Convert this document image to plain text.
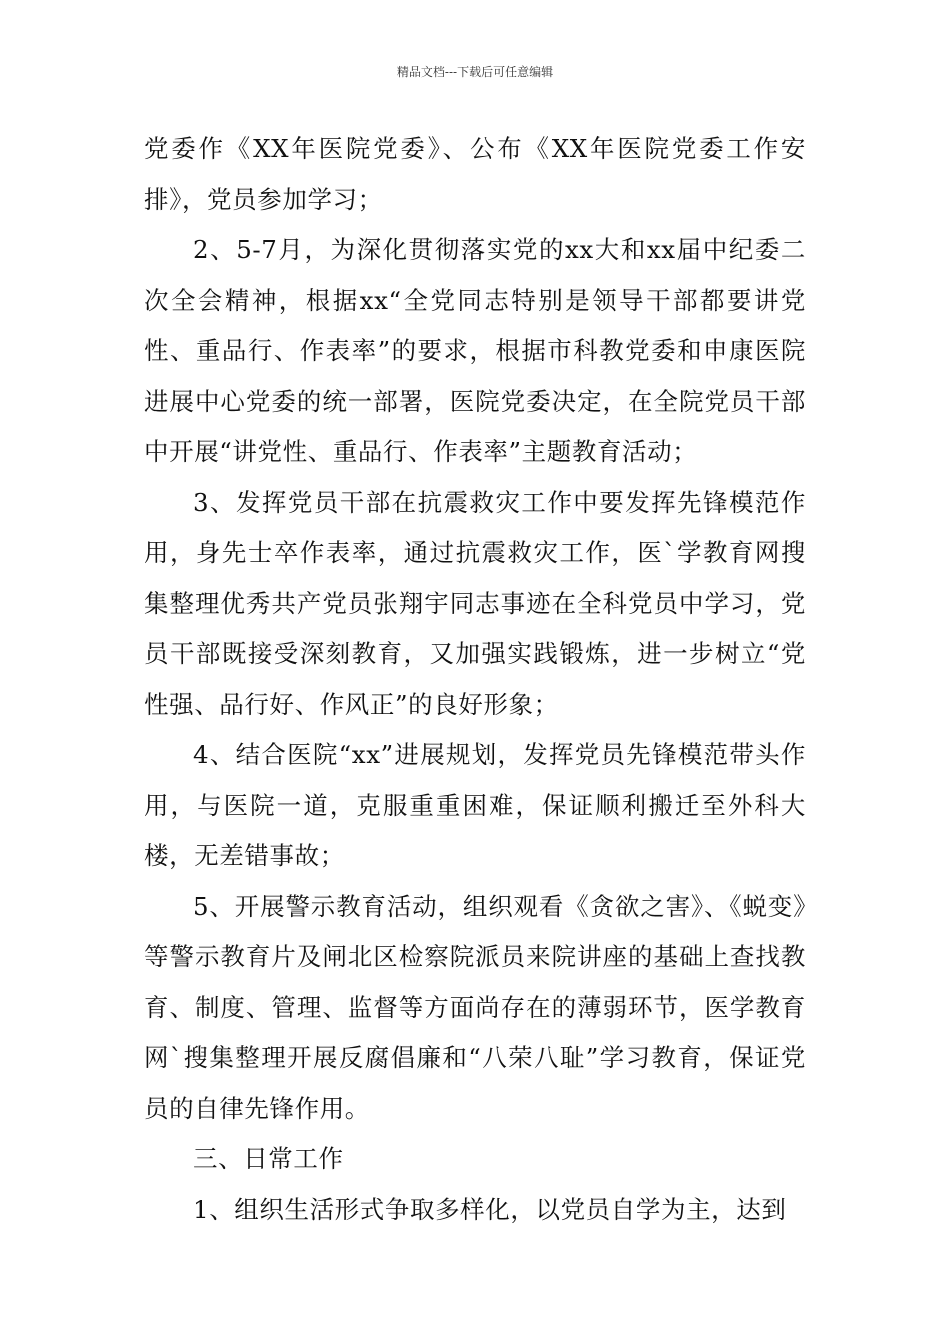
精品文档---下载后可任意编辑

党委作《XX年医院党委》、公布《XX年医院党委工作安排》，党员参加学习；

2、5-7月，为深化贯彻落实党的xx大和xx届中纪委二次全会精神，根据xx“全党同志特别是领导干部都要讲党性、重品行、作表率”的要求，根据市科教党委和申康医院进展中心党委的统一部署，医院党委决定，在全院党员干部中开展“讲党性、重品行、作表率”主题教育活动；

3、发挥党员干部在抗震救灾工作中要发挥先锋模范作用，身先士卒作表率，通过抗震救灾工作，医`学教育网搜集整理优秀共产党员张翔宇同志事迹在全科党员中学习，党员干部既接受深刻教育，又加强实践锻炼，进一步树立“党性强、品行好、作风正”的良好形象；

4、结合医院“xx”进展规划，发挥党员先锋模范带头作用，与医院一道，克服重重困难，保证顺利搬迁至外科大楼，无差错事故；

5、开展警示教育活动，组织观看《贪欲之害》、《蜕变》等警示教育片及闸北区检察院派员来院讲座的基础上查找教育、制度、管理、监督等方面尚存在的薄弱环节，医学教育网`搜集整理开展反腐倡廉和“八荣八耻”学习教育，保证党员的自律先锋作用。

三、日常工作

1、组织生活形式争取多样化，以党员自学为主，达到
